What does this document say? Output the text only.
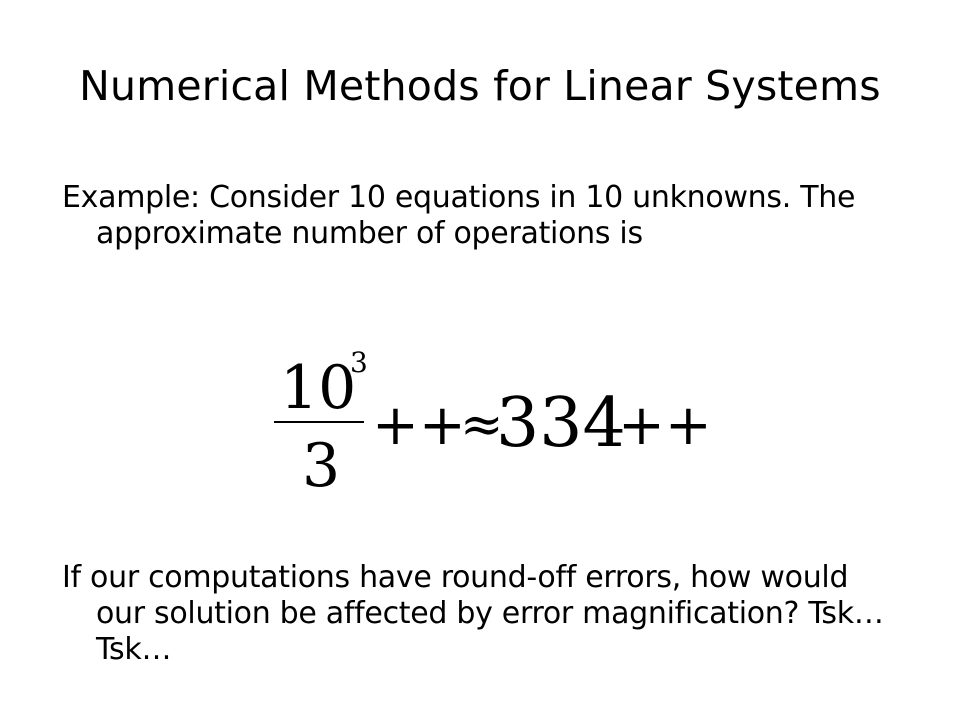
Numerical Methods for Linear Systems
Example: Consider 10 equations in 10 unknowns. The approximate number of operations is
10
3
3
++
≈
334
++
If our computations have round-off errors, how would our solution be affected by error magnification? Tsk… Tsk…
